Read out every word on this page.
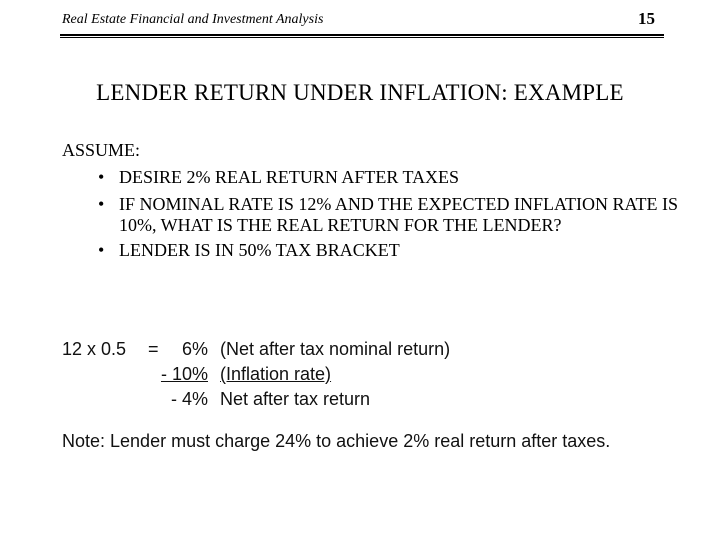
Real Estate Financial and Investment Analysis	15
LENDER RETURN UNDER INFLATION: EXAMPLE
ASSUME:
• DESIRE 2% REAL RETURN AFTER TAXES
• IF NOMINAL RATE IS 12% AND THE EXPECTED INFLATION RATE IS 10%, WHAT IS THE REAL RETURN FOR THE LENDER?
• LENDER IS IN 50% TAX BRACKET
12 x 0.5 =	6% (Net after tax nominal return)
- 10% (Inflation rate)
- 4% Net after tax return
Note: Lender must charge 24% to achieve 2% real return after taxes.
